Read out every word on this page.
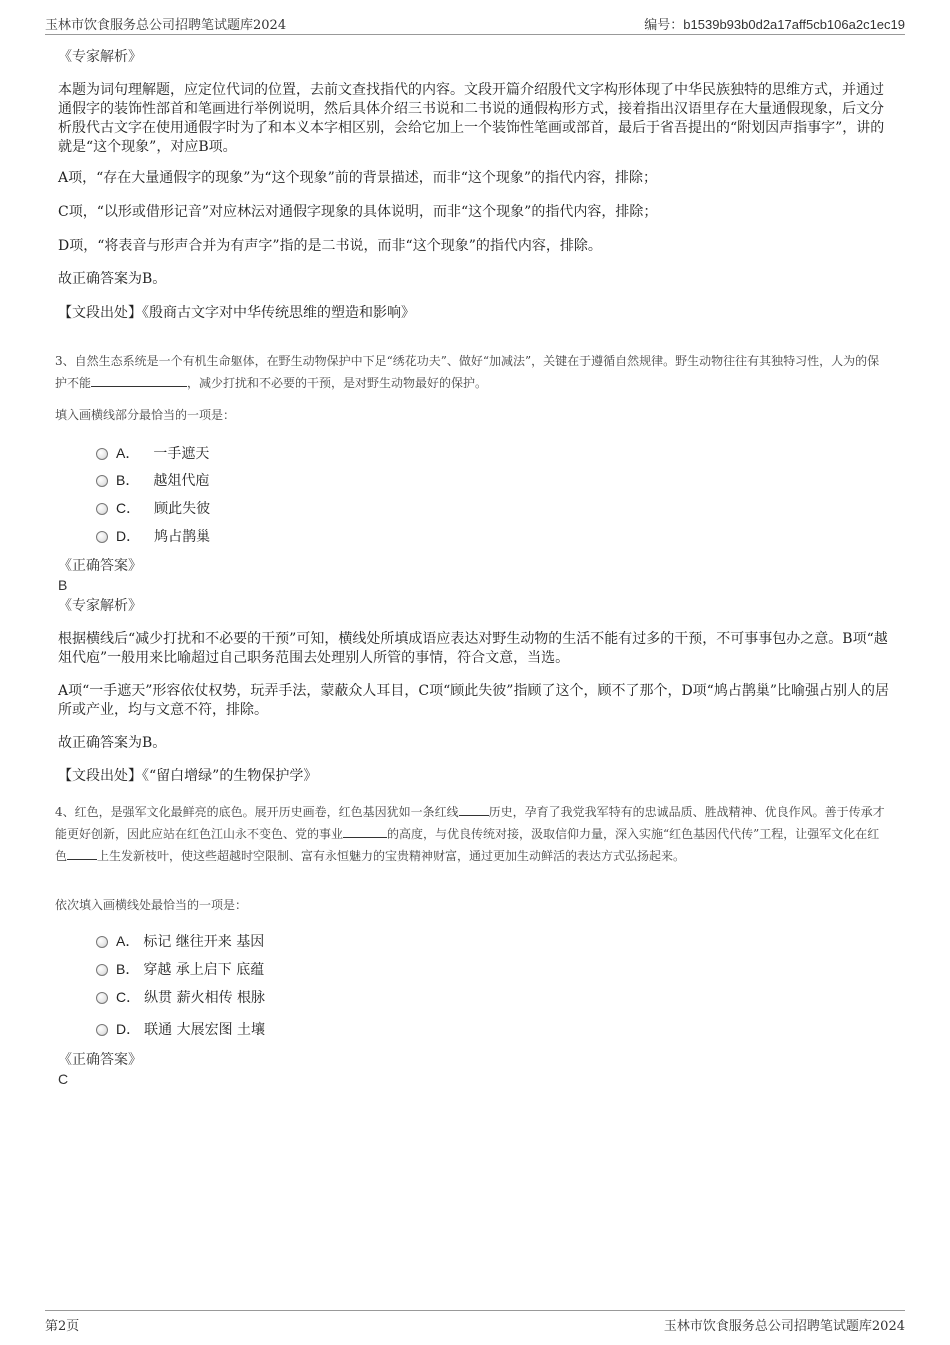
玉林市饮食服务总公司招聘笔试题库2024	编号：b1539b93b0d2a17aff5cb106a2c1ec19
《专家解析》
本题为词句理解题，应定位代词的位置，去前文查找指代的内容。文段开篇介绍殷代文字构形体现了中华民族独特的思维方式，并通过通假字的装饰性部首和笔画进行举例说明，然后具体介绍三书说和二书说的通假构形方式，接着指出汉语里存在大量通假现象，后文分析殷代古文字在使用通假字时为了和本义本字相区别，会给它加上一个装饰性笔画或部首，最后于省吾提出的“附划因声指事字”，讲的就是“这个现象”，对应B项。
A项，“存在大量通假字的现象”为“这个现象”前的背景描述，而非“这个现象”的指代内容，排除；
C项，“以形或借形记音”对应林沄对通假字现象的具体说明，而非“这个现象”的指代内容，排除；
D项，“将表音与形声合并为有声字”指的是二书说，而非“这个现象”的指代内容，排除。
故正确答案为B。
【文段出处】《殷商古文字对中华传统思维的塑造和影响》
3、自然生态系统是一个有机生命躯体，在野生动物保护中下足“绣花功夫”、做好“加减法”，关键在于遵循自然规律。野生动物往往有其独特习性，人为的保护不能	，减少打扰和不必要的干预，是对野生动物最好的保护。
填入画横线部分最恰当的一项是：
A． 一手遮天
B． 越俎代庖
C． 顾此失彼
D． 鸠占鹊巢
《正确答案》
B
《专家解析》
根据横线后“减少打扰和不必要的干预”可知，横线处所填成语应表达对野生动物的生活不能有过多的干预，不可事事包办之意。B项“越俎代庖”一般用来比喻超过自己职务范围去处理别人所管的事情，符合文意，当选。
A项“一手遮天”形容依仗权势，玩弄手法，蒙蔽众人耳目，C项“顾此失彼”指顾了这个，顾不了那个，D项“鸠占鹊巢”比喻强占别人的居所或产业，均与文意不符，排除。
故正确答案为B。
【文段出处】《“留白增绿”的生物保护学》
4、红色，是强军文化最鲜亮的底色。展开历史画卷，红色基因犹如一条红线	历史，孕育了我党我军特有的忠诚品质、胜战精神、优良作风。善于传承才能更好创新，因此应站在红色江山永不变色、党的事业	的高度，与优良传统对接，汲取信仰力量，深入实施“红色基因代代传”工程，让强军文化在红色	上生发新枝叶，使这些超越时空限制、富有永恒魅力的宝贵精神财富，通过更加生动鲜活的表达方式弘扬起来。
依次填入画横线处最恰当的一项是：
A． 标记 继往开来 基因
B． 穿越 承上启下 底蕴
C． 纵贯 薪火相传 根脉
D． 联通 大展宏图 土壤
《正确答案》
C
第2页	玉林市饮食服务总公司招聘笔试题库2024
